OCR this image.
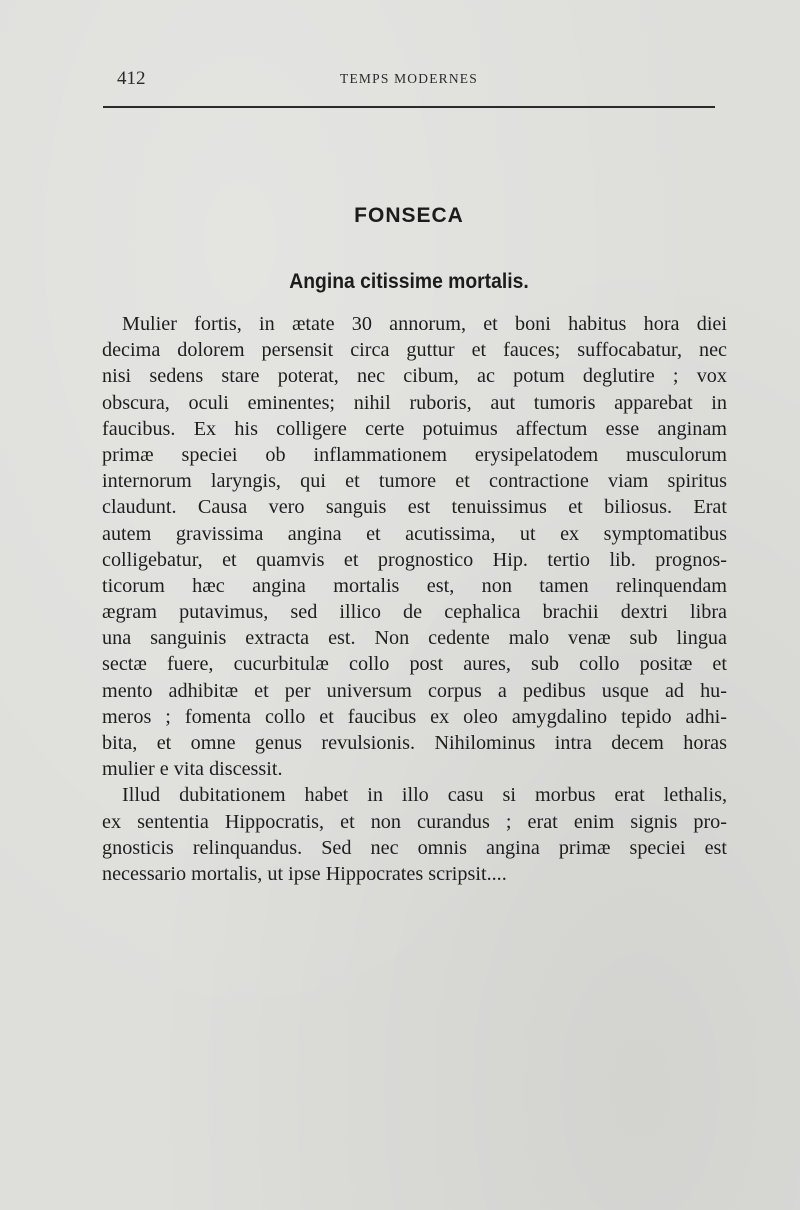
412	TEMPS MODERNES
FONSECA
Angina citissime mortalis.
Mulier fortis, in ætate 30 annorum, et boni habitus hora diei
decima dolorem persensit circa guttur et fauces; suffocabatur, nec
nisi sedens stare poterat, nec cibum, ac potum deglutire ; vox
obscura, oculi eminentes; nihil ruboris, aut tumoris apparebat in
faucibus. Ex his colligere certe potuimus affectum esse anginam
primæ speciei ob inflammationem erysipelatodem musculorum
internorum laryngis, qui et tumore et contractione viam spiritus
claudunt. Causa vero sanguis est tenuissimus et biliosus. Erat
autem gravissima angina et acutissima, ut ex symptomatibus
colligebatur, et quamvis et prognostico Hip. tertio lib. prognos-
ticorum hæc angina mortalis est, non tamen relinquendam
ægram putavimus, sed illico de cephalica brachii dextri libra
una sanguinis extracta est. Non cedente malo venæ sub lingua
sectæ fuere, cucurbitulæ collo post aures, sub collo positæ et
mento adhibitæ et per universum corpus a pedibus usque ad hu-
meros ; fomenta collo et faucibus ex oleo amygdalino tepido adhi-
bita, et omne genus revulsionis. Nihilominus intra decem horas
mulier e vita discessit.
Illud dubitationem habet in illo casu si morbus erat lethalis,
ex sententia Hippocratis, et non curandus ; erat enim signis pro-
gnosticis relinquandus. Sed nec omnis angina primæ speciei est
necessario mortalis, ut ipse Hippocrates scripsit....
